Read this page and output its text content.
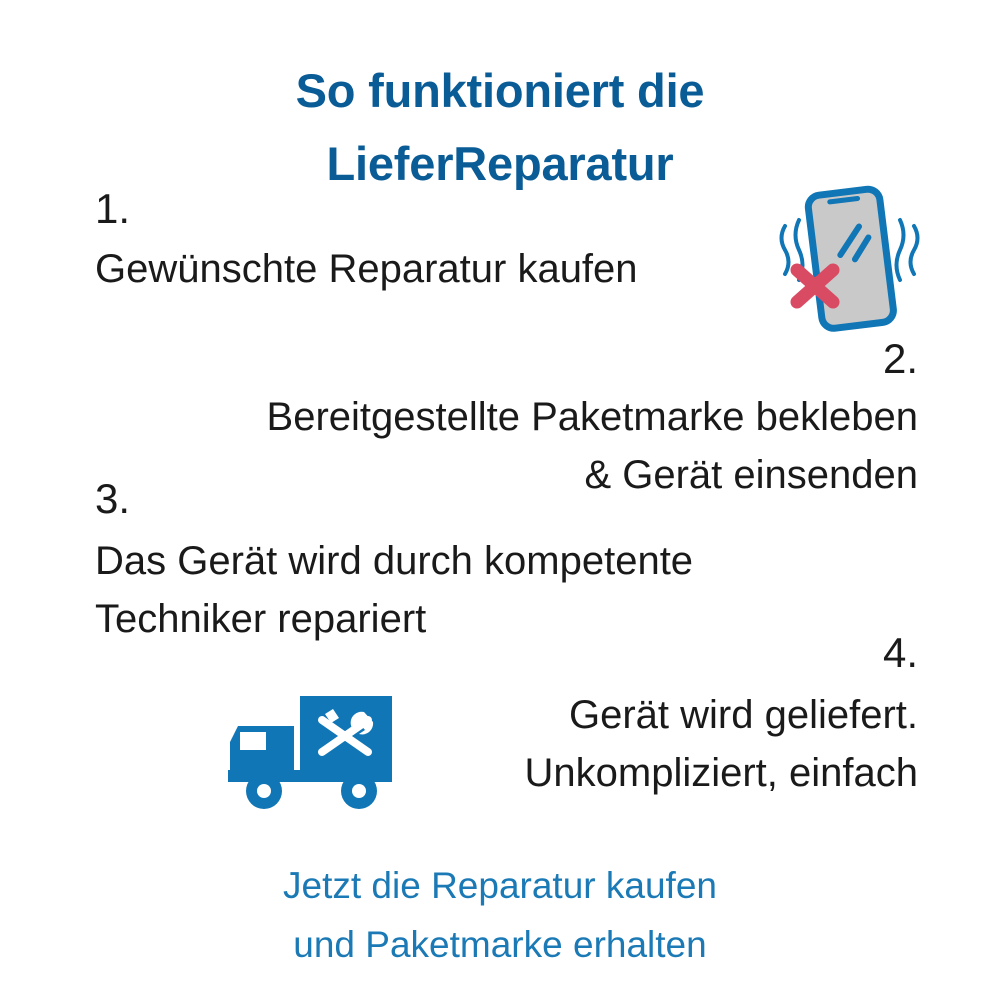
So funktioniert die
LieferReparatur
1.
Gewünschte Reparatur kaufen
2.
Bereitgestellte Paketmarke bekleben
& Gerät einsenden
3.
Das Gerät wird durch kompetente
Techniker repariert
4.
Gerät wird geliefert.
Unkompliziert, einfach
Jetzt die Reparatur kaufen
und Paketmarke erhalten
